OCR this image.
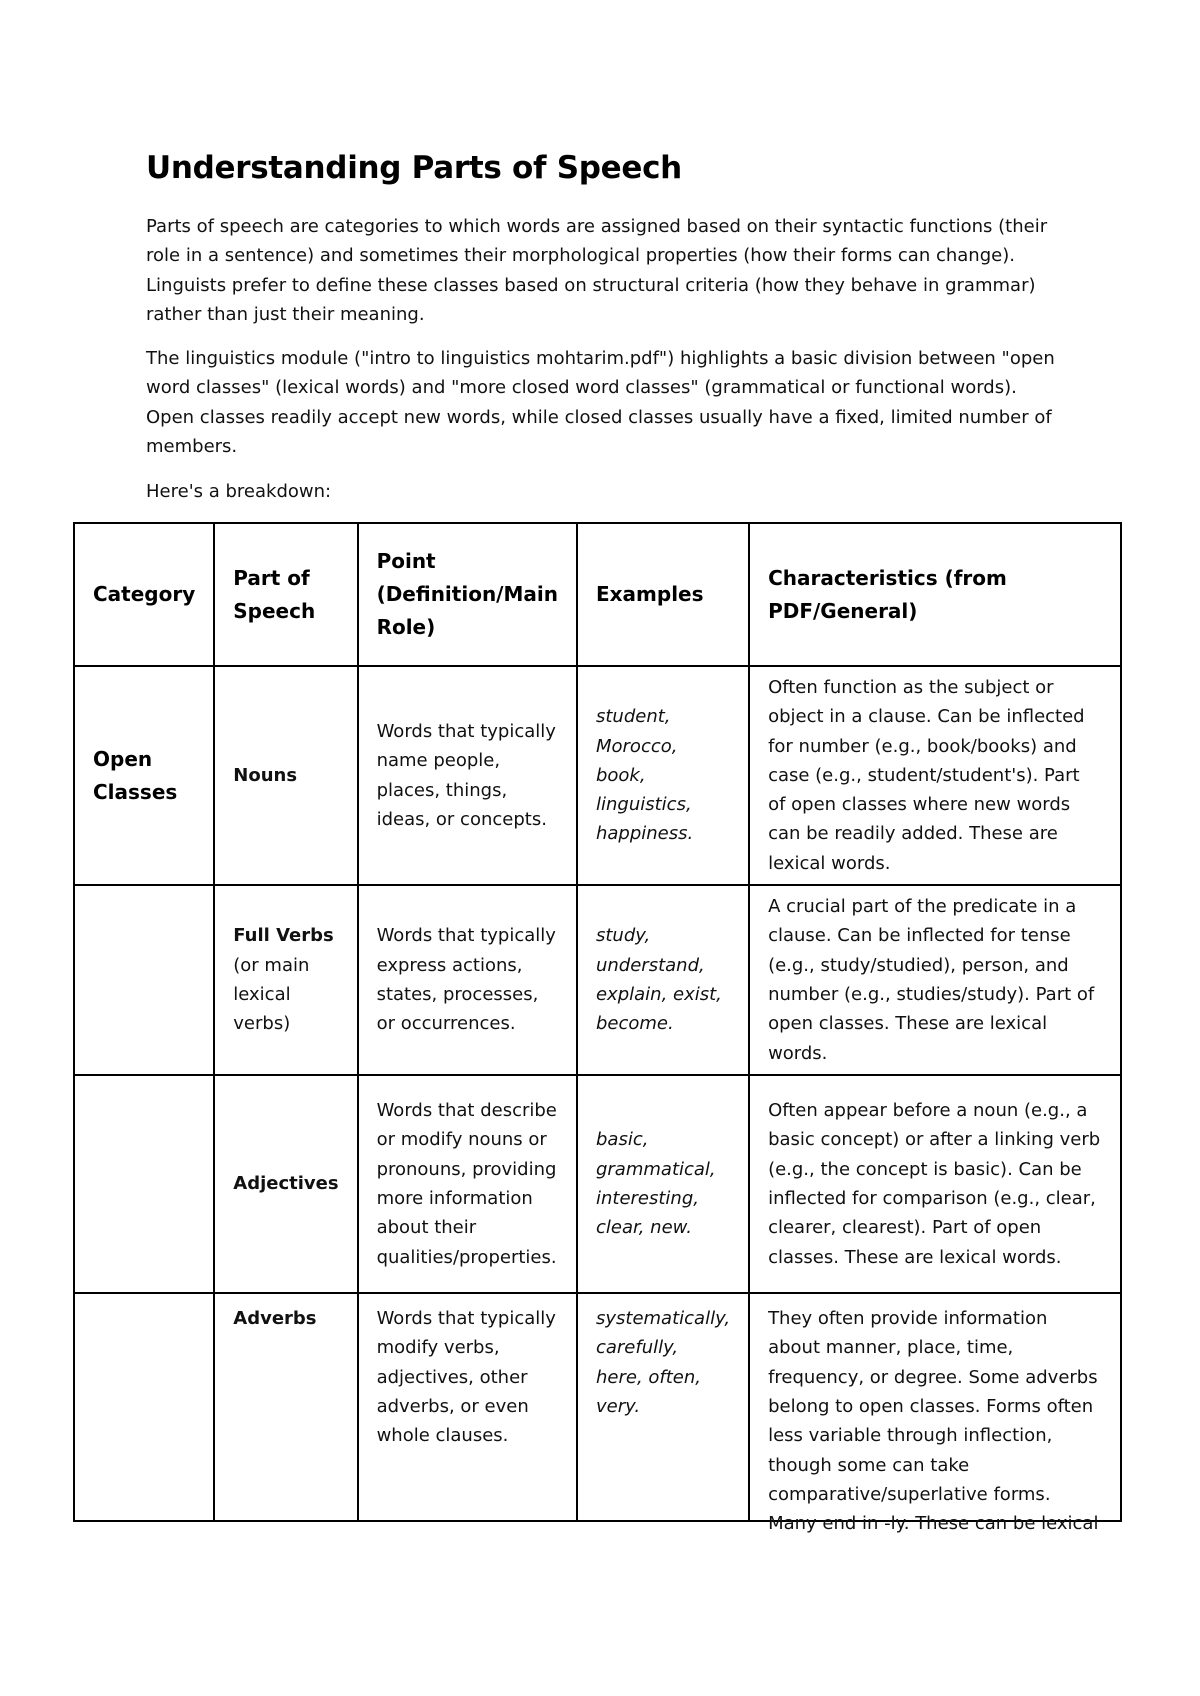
Understanding Parts of Speech

Parts of speech are categories to which words are assigned based on their syntactic functions (their role in a sentence) and sometimes their morphological properties (how their forms can change). Linguists prefer to define these classes based on structural criteria (how they behave in grammar) rather than just their meaning.

The linguistics module ("intro to linguistics mohtarim.pdf") highlights a basic division between "open word classes" (lexical words) and "more closed word classes" (grammatical or functional words). Open classes readily accept new words, while closed classes usually have a fixed, limited number of members.

Here's a breakdown:

Category	Part of Speech	Point (Definition/Main Role)	Examples	Characteristics (from PDF/General)
Open Classes	Nouns	Words that typically name people, places, things, ideas, or concepts.	student, Morocco, book, linguistics, happiness.	Often function as the subject or object in a clause. Can be inflected for number (e.g., book/books) and case (e.g., student/student's). Part of open classes where new words can be readily added. These are lexical words.
	Full Verbs (or main lexical verbs)	Words that typically express actions, states, processes, or occurrences.	study, understand, explain, exist, become.	A crucial part of the predicate in a clause. Can be inflected for tense (e.g., study/studied), person, and number (e.g., studies/study). Part of open classes. These are lexical words.
	Adjectives	Words that describe or modify nouns or pronouns, providing more information about their qualities/properties.	basic, grammatical, interesting, clear, new.	Often appear before a noun (e.g., a basic concept) or after a linking verb (e.g., the concept is basic). Can be inflected for comparison (e.g., clear, clearer, clearest). Part of open classes. These are lexical words.
	Adverbs	Words that typically modify verbs, adjectives, other adverbs, or even whole clauses.	systematically, carefully, here, often, very.	They often provide information about manner, place, time, frequency, or degree. Some adverbs belong to open classes. Forms often less variable through inflection, though some can take comparative/superlative forms. Many end in -ly. These can be lexical
